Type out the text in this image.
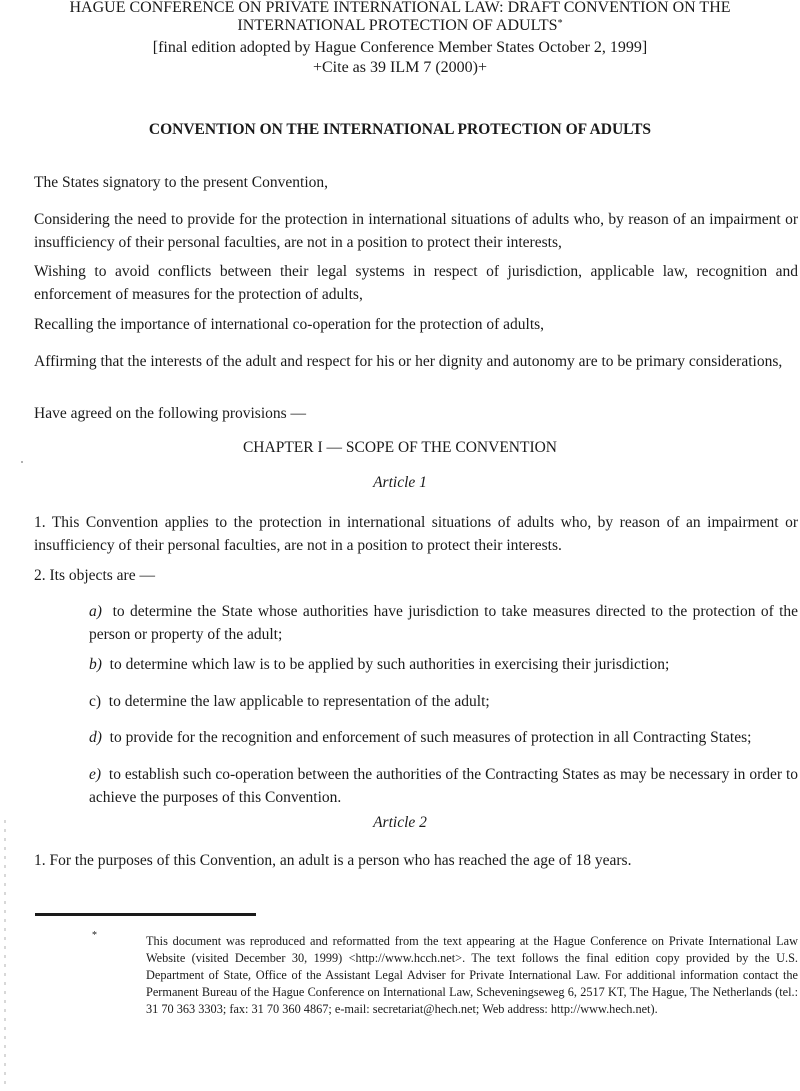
HAGUE CONFERENCE ON PRIVATE INTERNATIONAL LAW: DRAFT CONVENTION ON THE
INTERNATIONAL PROTECTION OF ADULTS*
[final edition adopted by Hague Conference Member States October 2, 1999]
+Cite as 39 ILM 7 (2000)+
CONVENTION ON THE INTERNATIONAL PROTECTION OF ADULTS
The States signatory to the present Convention,
Considering the need to provide for the protection in international situations of adults who, by reason of an impairment or insufficiency of their personal faculties, are not in a position to protect their interests,
Wishing to avoid conflicts between their legal systems in respect of jurisdiction, applicable law, recognition and enforcement of measures for the protection of adults,
Recalling the importance of international co-operation for the protection of adults,
Affirming that the interests of the adult and respect for his or her dignity and autonomy are to be primary considerations,
Have agreed on the following provisions —
CHAPTER I — SCOPE OF THE CONVENTION
Article 1
1. This Convention applies to the protection in international situations of adults who, by reason of an impairment or insufficiency of their personal faculties, are not in a position to protect their interests.
2. Its objects are —
a) to determine the State whose authorities have jurisdiction to take measures directed to the protection of the person or property of the adult;
b) to determine which law is to be applied by such authorities in exercising their jurisdiction;
c) to determine the law applicable to representation of the adult;
d) to provide for the recognition and enforcement of such measures of protection in all Contracting States;
e) to establish such co-operation between the authorities of the Contracting States as may be necessary in order to achieve the purposes of this Convention.
Article 2
1. For the purposes of this Convention, an adult is a person who has reached the age of 18 years.
*	This document was reproduced and reformatted from the text appearing at the Hague Conference on Private International Law Website (visited December 30, 1999) <http://www.hcch.net>. The text follows the final edition copy provided by the U.S. Department of State, Office of the Assistant Legal Adviser for Private International Law. For additional information contact the Permanent Bureau of the Hague Conference on International Law, Scheveningseweg 6, 2517 KT, The Hague, The Netherlands (tel.: 31 70 363 3303; fax: 31 70 360 4867; e-mail: secretariat@hech.net; Web address: http://www.hech.net).
